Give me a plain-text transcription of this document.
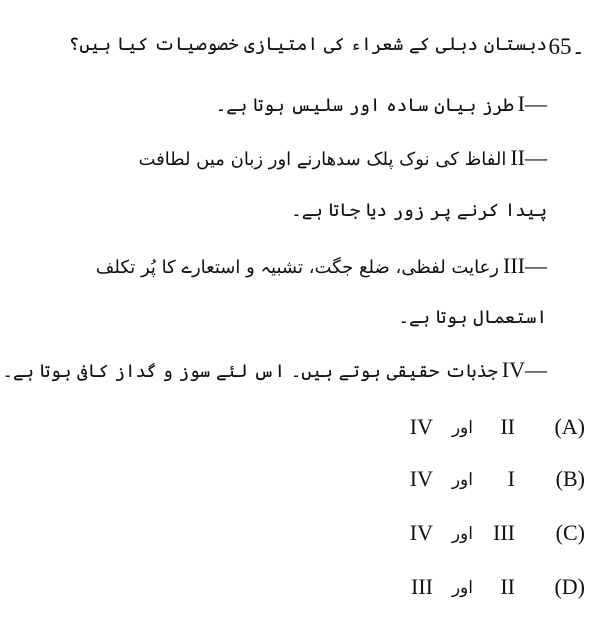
65۔
دبستانِ دہلی کے شعراء کی امتیازی خصوصیات کیا ہیں؟
I—طرز بیان سادہ اور سلیس ہوتا ہے۔
II—الفاظ کی نوک پلک سدھارنے اور زبان میں لطافت
پیدا کرنے پر زور دیا جاتا ہے۔
III—رعایت لفظی، ضلع جگت، تشبیہ و استعارے کا پُر تکلف
استعمال ہوتا ہے۔
IV—جذبات حقیقی ہوتے ہیں۔ اس لئے سوز و گداز کافی ہوتا ہے۔
(A)
II
اور
IV
(B)
I
اور
IV
(C)
III
اور
IV
(D)
II
اور
III
